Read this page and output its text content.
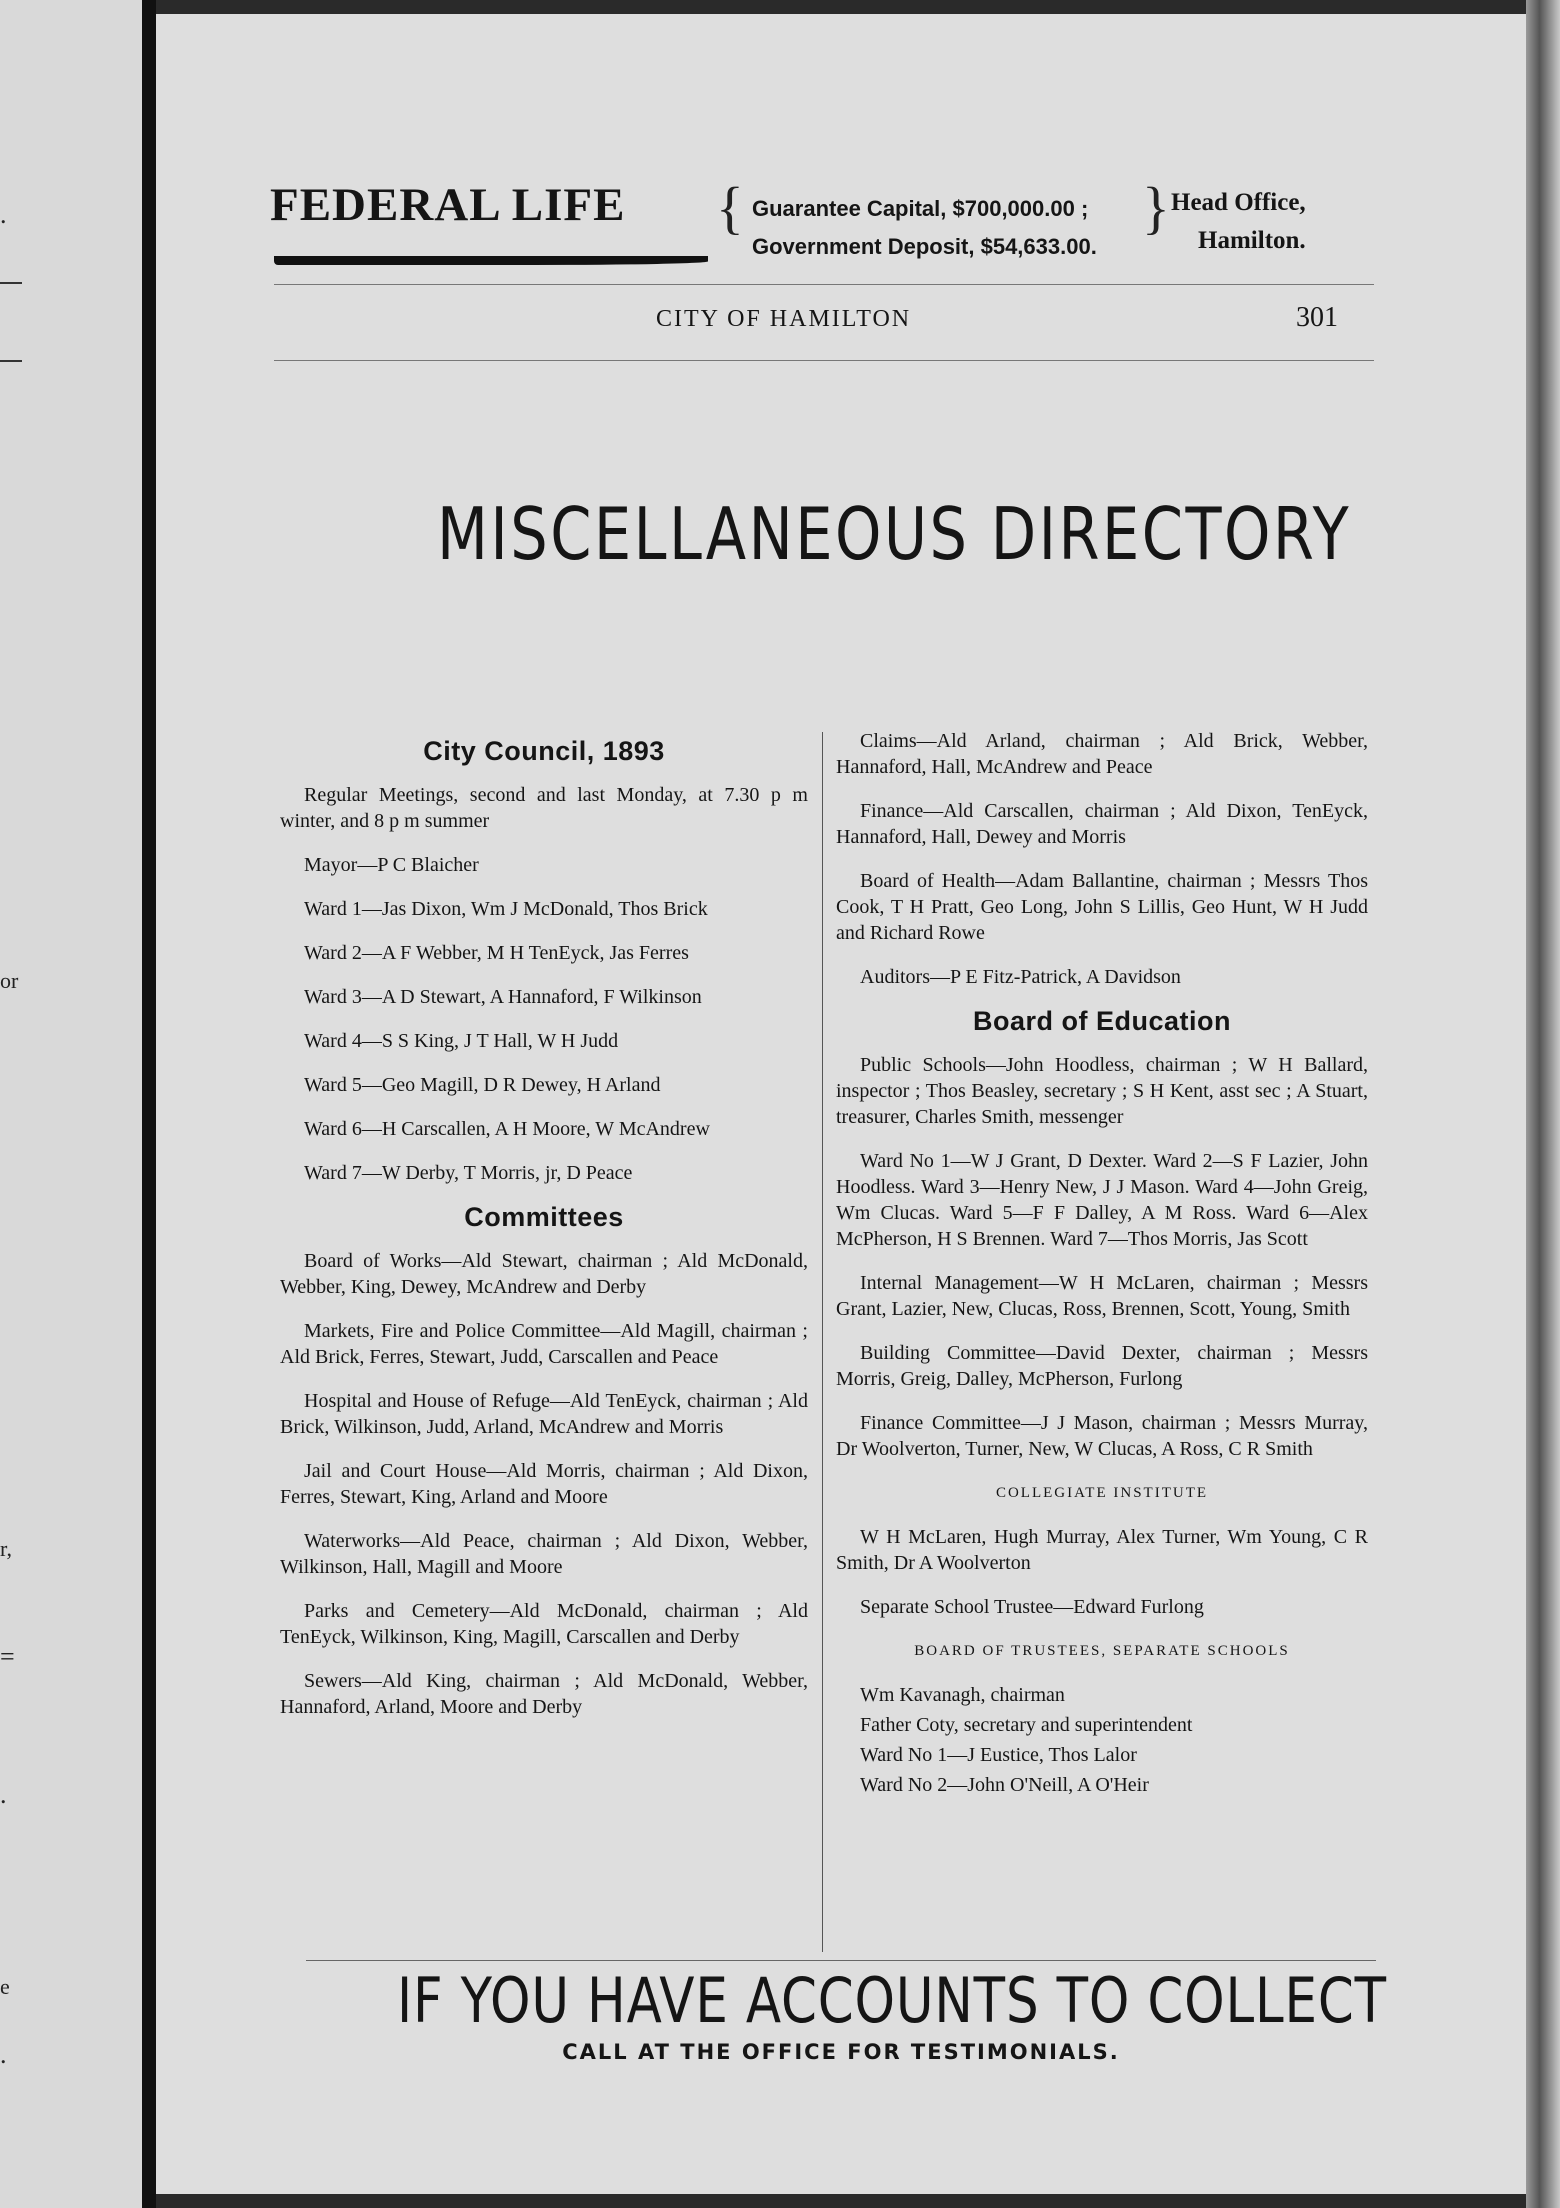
.
or
r,
=
.
e
.
FEDERAL LIFE	{ Guarantee Capital, $700,000.00 ;
Government Deposit, $54,633.00.
} Head Office,
Hamilton.
CITY OF HAMILTON	301
MISCELLANEOUS DIRECTORY
City Council, 1893

Regular Meetings, second and last Monday, at 7.30 p m winter, and 8 p m summer

Mayor—P C Blaicher

Ward 1—Jas Dixon, Wm J McDonald, Thos Brick

Ward 2—A F Webber, M H TenEyck, Jas Ferres

Ward 3—A D Stewart, A Hannaford, F Wilkinson

Ward 4—S S King, J T Hall, W H Judd

Ward 5—Geo Magill, D R Dewey, H Arland

Ward 6—H Carscallen, A H Moore, W McAndrew

Ward 7—W Derby, T Morris, jr, D Peace

Committees

Board of Works—Ald Stewart, chairman ; Ald McDonald, Webber, King, Dewey, McAndrew and Derby

Markets, Fire and Police Committee—Ald Magill, chairman ; Ald Brick, Ferres, Stewart, Judd, Carscallen and Peace

Hospital and House of Refuge—Ald TenEyck, chairman ; Ald Brick, Wilkinson, Judd, Arland, McAndrew and Morris

Jail and Court House—Ald Morris, chairman ; Ald Dixon, Ferres, Stewart, King, Arland and Moore

Waterworks—Ald Peace, chairman ; Ald Dixon, Webber, Wilkinson, Hall, Magill and Moore

Parks and Cemetery—Ald McDonald, chairman ; Ald TenEyck, Wilkinson, King, Magill, Carscallen and Derby

Sewers—Ald King, chairman ; Ald McDonald, Webber, Hannaford, Arland, Moore and Derby

Claims—Ald Arland, chairman ; Ald Brick, Webber, Hannaford, Hall, McAndrew and Peace

Finance—Ald Carscallen, chairman ; Ald Dixon, TenEyck, Hannaford, Hall, Dewey and Morris

Board of Health—Adam Ballantine, chairman ; Messrs Thos Cook, T H Pratt, Geo Long, John S Lillis, Geo Hunt, W H Judd and Richard Rowe

Auditors—P E Fitz-Patrick, A Davidson

Board of Education

Public Schools—John Hoodless, chairman ; W H Ballard, inspector ; Thos Beasley, secretary ; S H Kent, asst sec ; A Stuart, treasurer, Charles Smith, messenger

Ward No 1—W J Grant, D Dexter. Ward 2—S F Lazier, John Hoodless. Ward 3—Henry New, J J Mason. Ward 4—John Greig, Wm Clucas. Ward 5—F F Dalley, A M Ross. Ward 6—Alex McPherson, H S Brennen. Ward 7—Thos Morris, Jas Scott

Internal Management—W H McLaren, chairman ; Messrs Grant, Lazier, New, Clucas, Ross, Brennen, Scott, Young, Smith

Building Committee—David Dexter, chairman ; Messrs Morris, Greig, Dalley, McPherson, Furlong

Finance Committee—J J Mason, chairman ; Messrs Murray, Dr Woolverton, Turner, New, W Clucas, A Ross, C R Smith

COLLEGIATE INSTITUTE

W H McLaren, Hugh Murray, Alex Turner, Wm Young, C R Smith, Dr A Woolverton

Separate School Trustee—Edward Furlong

BOARD OF TRUSTEES, SEPARATE SCHOOLS
Wm Kavanagh, chairman
Father Coty, secretary and superintendent
Ward No 1—J Eustice, Thos Lalor
Ward No 2—John O'Neill, A O'Heir
IF YOU HAVE ACCOUNTS TO COLLECT
CALL AT THE OFFICE FOR TESTIMONIALS.
